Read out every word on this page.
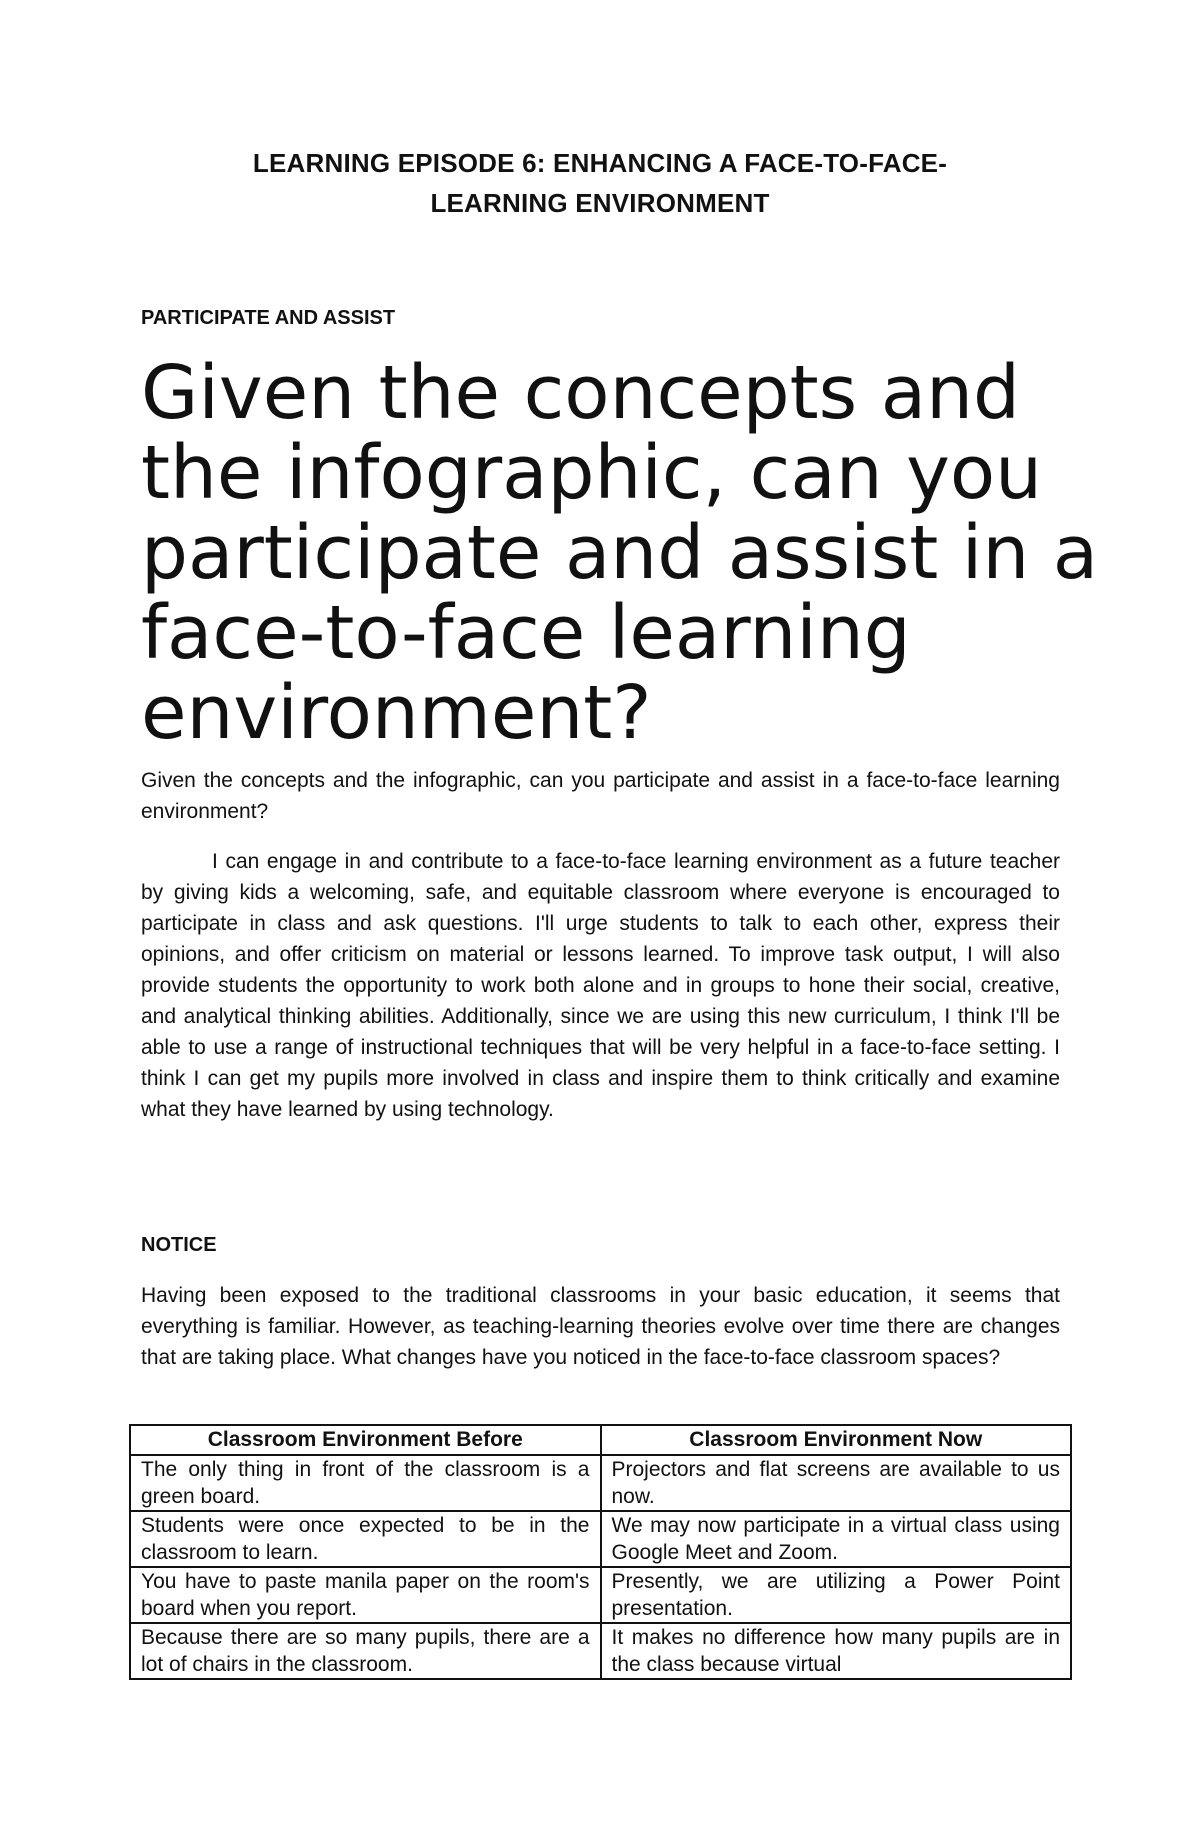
LEARNING EPISODE 6: ENHANCING A FACE-TO-FACE-
LEARNING ENVIRONMENT
PARTICIPATE AND ASSIST
Given the concepts and the infographic, can you participate and assist in a face-to-face learning environment?

Given the concepts and the infographic, can you participate and assist in a face-to-face learning environment?

I can engage in and contribute to a face-to-face learning environment as a future teacher by giving kids a welcoming, safe, and equitable classroom where everyone is encouraged to participate in class and ask questions. I'll urge students to talk to each other, express their opinions, and offer criticism on material or lessons learned. To improve task output, I will also provide students the opportunity to work both alone and in groups to hone their social, creative, and analytical thinking abilities. Additionally, since we are using this new curriculum, I think I'll be able to use a range of instructional techniques that will be very helpful in a face-to-face setting. I think I can get my pupils more involved in class and inspire them to think critically and examine what they have learned by using technology.

NOTICE

Having been exposed to the traditional classrooms in your basic education, it seems that everything is familiar. However, as teaching-learning theories evolve over time there are changes that are taking place. What changes have you noticed in the face-to-face classroom spaces?

Classroom Environment Before	Classroom Environment Now
The only thing in front of the classroom is a green board.	Projectors and flat screens are available to us now.
Students were once expected to be in the classroom to learn.	We may now participate in a virtual class using Google Meet and Zoom.
You have to paste manila paper on the room's board when you report.	Presently, we are utilizing a Power Point presentation.
Because there are so many pupils, there are a lot of chairs in the classroom.	It makes no difference how many pupils are in the class because virtual
